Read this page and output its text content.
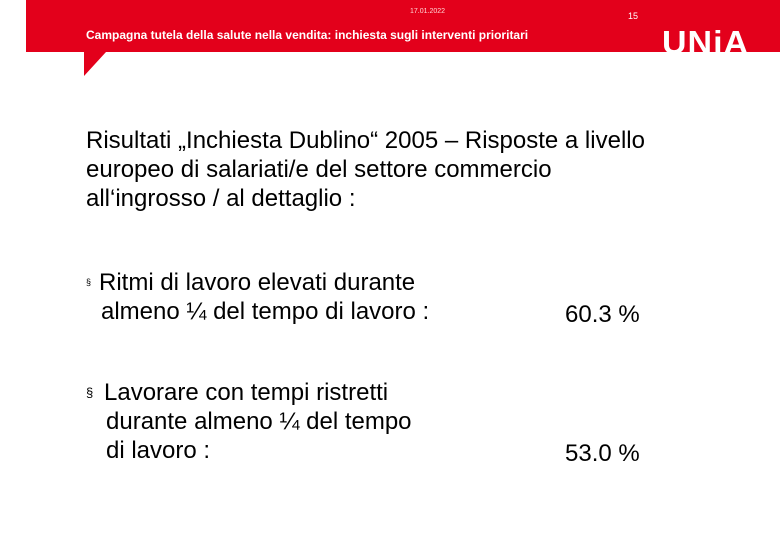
17.01.2022	15
Campagna tutela della salute nella vendita: inchiesta sugli interventi prioritari	UNiA
Risultati „Inchiesta Dublino“ 2005 – Risposte a livello
europeo di salariati/e del settore commercio
all‘ingrosso / al dettaglio :
§ Ritmi di lavoro elevati durante
almeno ¼ del tempo di lavoro :	60.3 %
§ Lavorare con tempi ristretti
durante almeno ¼ del tempo
di lavoro :	53.0 %
